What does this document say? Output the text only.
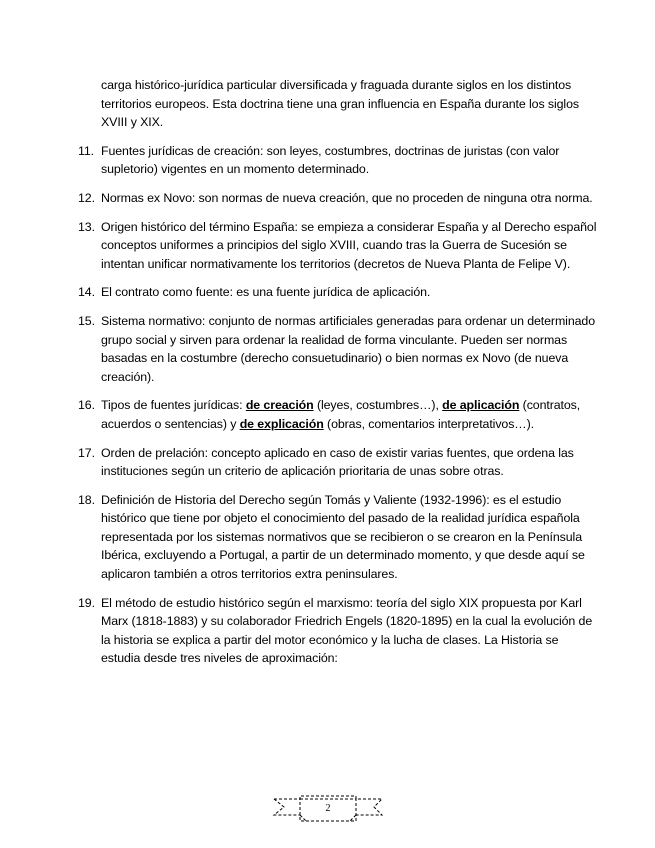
carga histórico-jurídica particular diversificada y fraguada durante siglos en los distintos territorios europeos. Esta doctrina tiene una gran influencia en España durante los siglos XVIII y XIX.

11. Fuentes jurídicas de creación: son leyes, costumbres, doctrinas de juristas (con valor supletorio) vigentes en un momento determinado.

12. Normas ex Novo: son normas de nueva creación, que no proceden de ninguna otra norma.

13. Origen histórico del término España: se empieza a considerar España y al Derecho español conceptos uniformes a principios del siglo XVIII, cuando tras la Guerra de Sucesión se intentan unificar normativamente los territorios (decretos de Nueva Planta de Felipe V).

14. El contrato como fuente: es una fuente jurídica de aplicación.

15. Sistema normativo: conjunto de normas artificiales generadas para ordenar un determinado grupo social y sirven para ordenar la realidad de forma vinculante. Pueden ser normas basadas en la costumbre (derecho consuetudinario) o bien normas ex Novo (de nueva creación).

16. Tipos de fuentes jurídicas: de creación (leyes, costumbres…), de aplicación (contratos, acuerdos o sentencias) y de explicación (obras, comentarios interpretativos…).

17. Orden de prelación: concepto aplicado en caso de existir varias fuentes, que ordena las instituciones según un criterio de aplicación prioritaria de unas sobre otras.

18. Definición de Historia del Derecho según Tomás y Valiente (1932-1996): es el estudio histórico que tiene por objeto el conocimiento del pasado de la realidad jurídica española representada por los sistemas normativos que se recibieron o se crearon en la Península Ibérica, excluyendo a Portugal, a partir de un determinado momento, y que desde aquí se aplicaron también a otros territorios extra peninsulares.

19. El método de estudio histórico según el marxismo: teoría del siglo XIX propuesta por Karl Marx (1818-1883) y su colaborador Friedrich Engels (1820-1895) en la cual la evolución de la historia se explica a partir del motor económico y la lucha de clases. La Historia se estudia desde tres niveles de aproximación:

2
